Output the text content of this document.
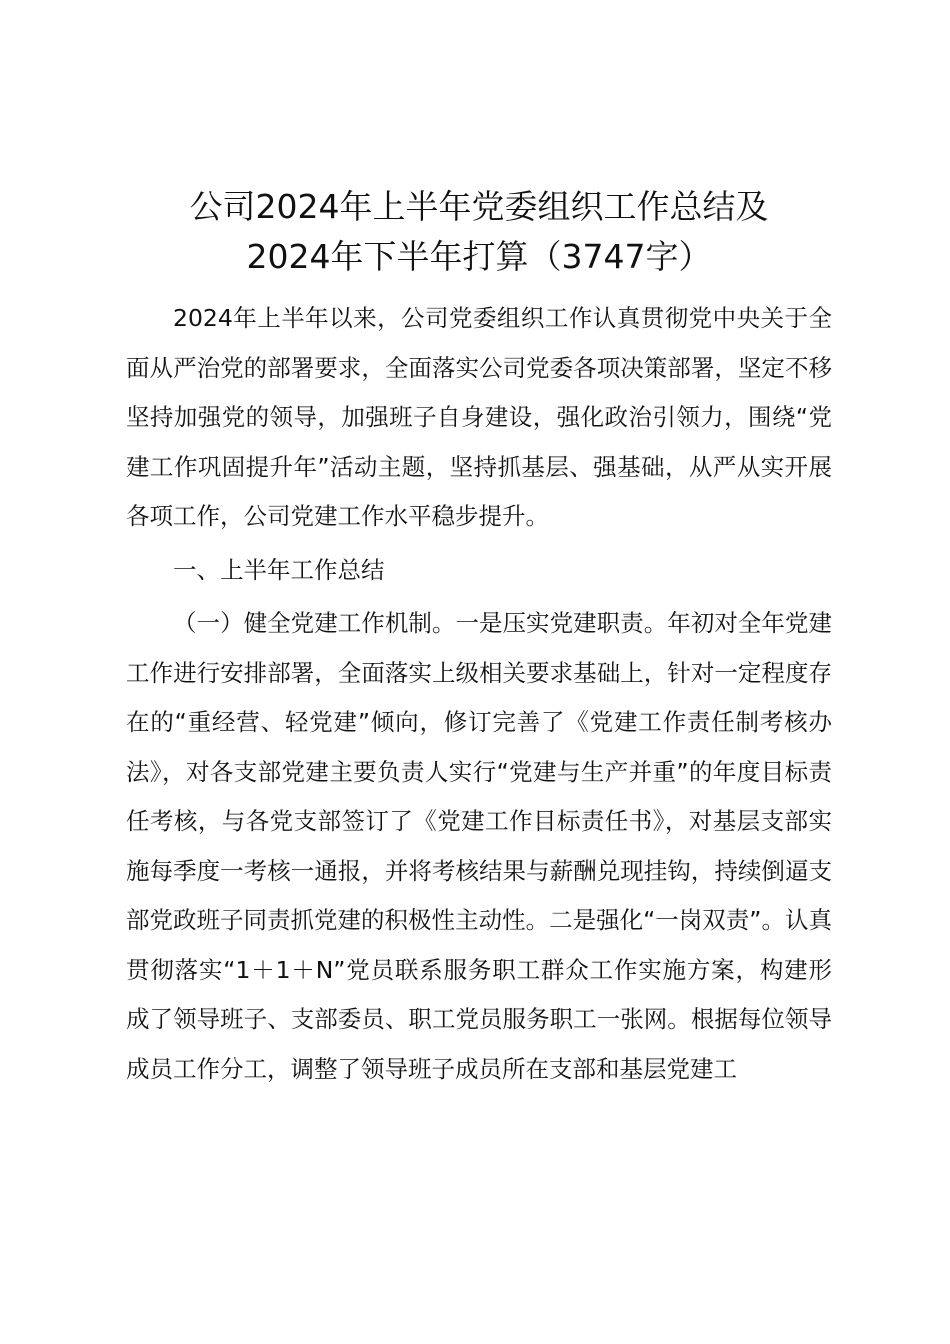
公司2024年上半年党委组织工作总结及
2024年下半年打算（3747字）

2024年上半年以来，公司党委组织工作认真贯彻党中央关于全面从严治党的部署要求，全面落实公司党委各项决策部署，坚定不移坚持加强党的领导，加强班子自身建设，强化政治引领力，围绕“党建工作巩固提升年”活动主题，坚持抓基层、强基础，从严从实开展各项工作，公司党建工作水平稳步提升。

一、上半年工作总结

（一）健全党建工作机制。一是压实党建职责。年初对全年党建工作进行安排部署，全面落实上级相关要求基础上，针对一定程度存在的“重经营、轻党建”倾向，修订完善了《党建工作责任制考核办法》，对各支部党建主要负责人实行“党建与生产并重”的年度目标责任考核，与各党支部签订了《党建工作目标责任书》，对基层支部实施每季度一考核一通报，并将考核结果与薪酬兑现挂钩，持续倒逼支部党政班子同责抓党建的积极性主动性。二是强化“一岗双责”。认真贯彻落实“1＋1＋N”党员联系服务职工群众工作实施方案，构建形成了领导班子、支部委员、职工党员服务职工一张网。根据每位领导成员工作分工，调整了领导班子成员所在支部和基层党建工
